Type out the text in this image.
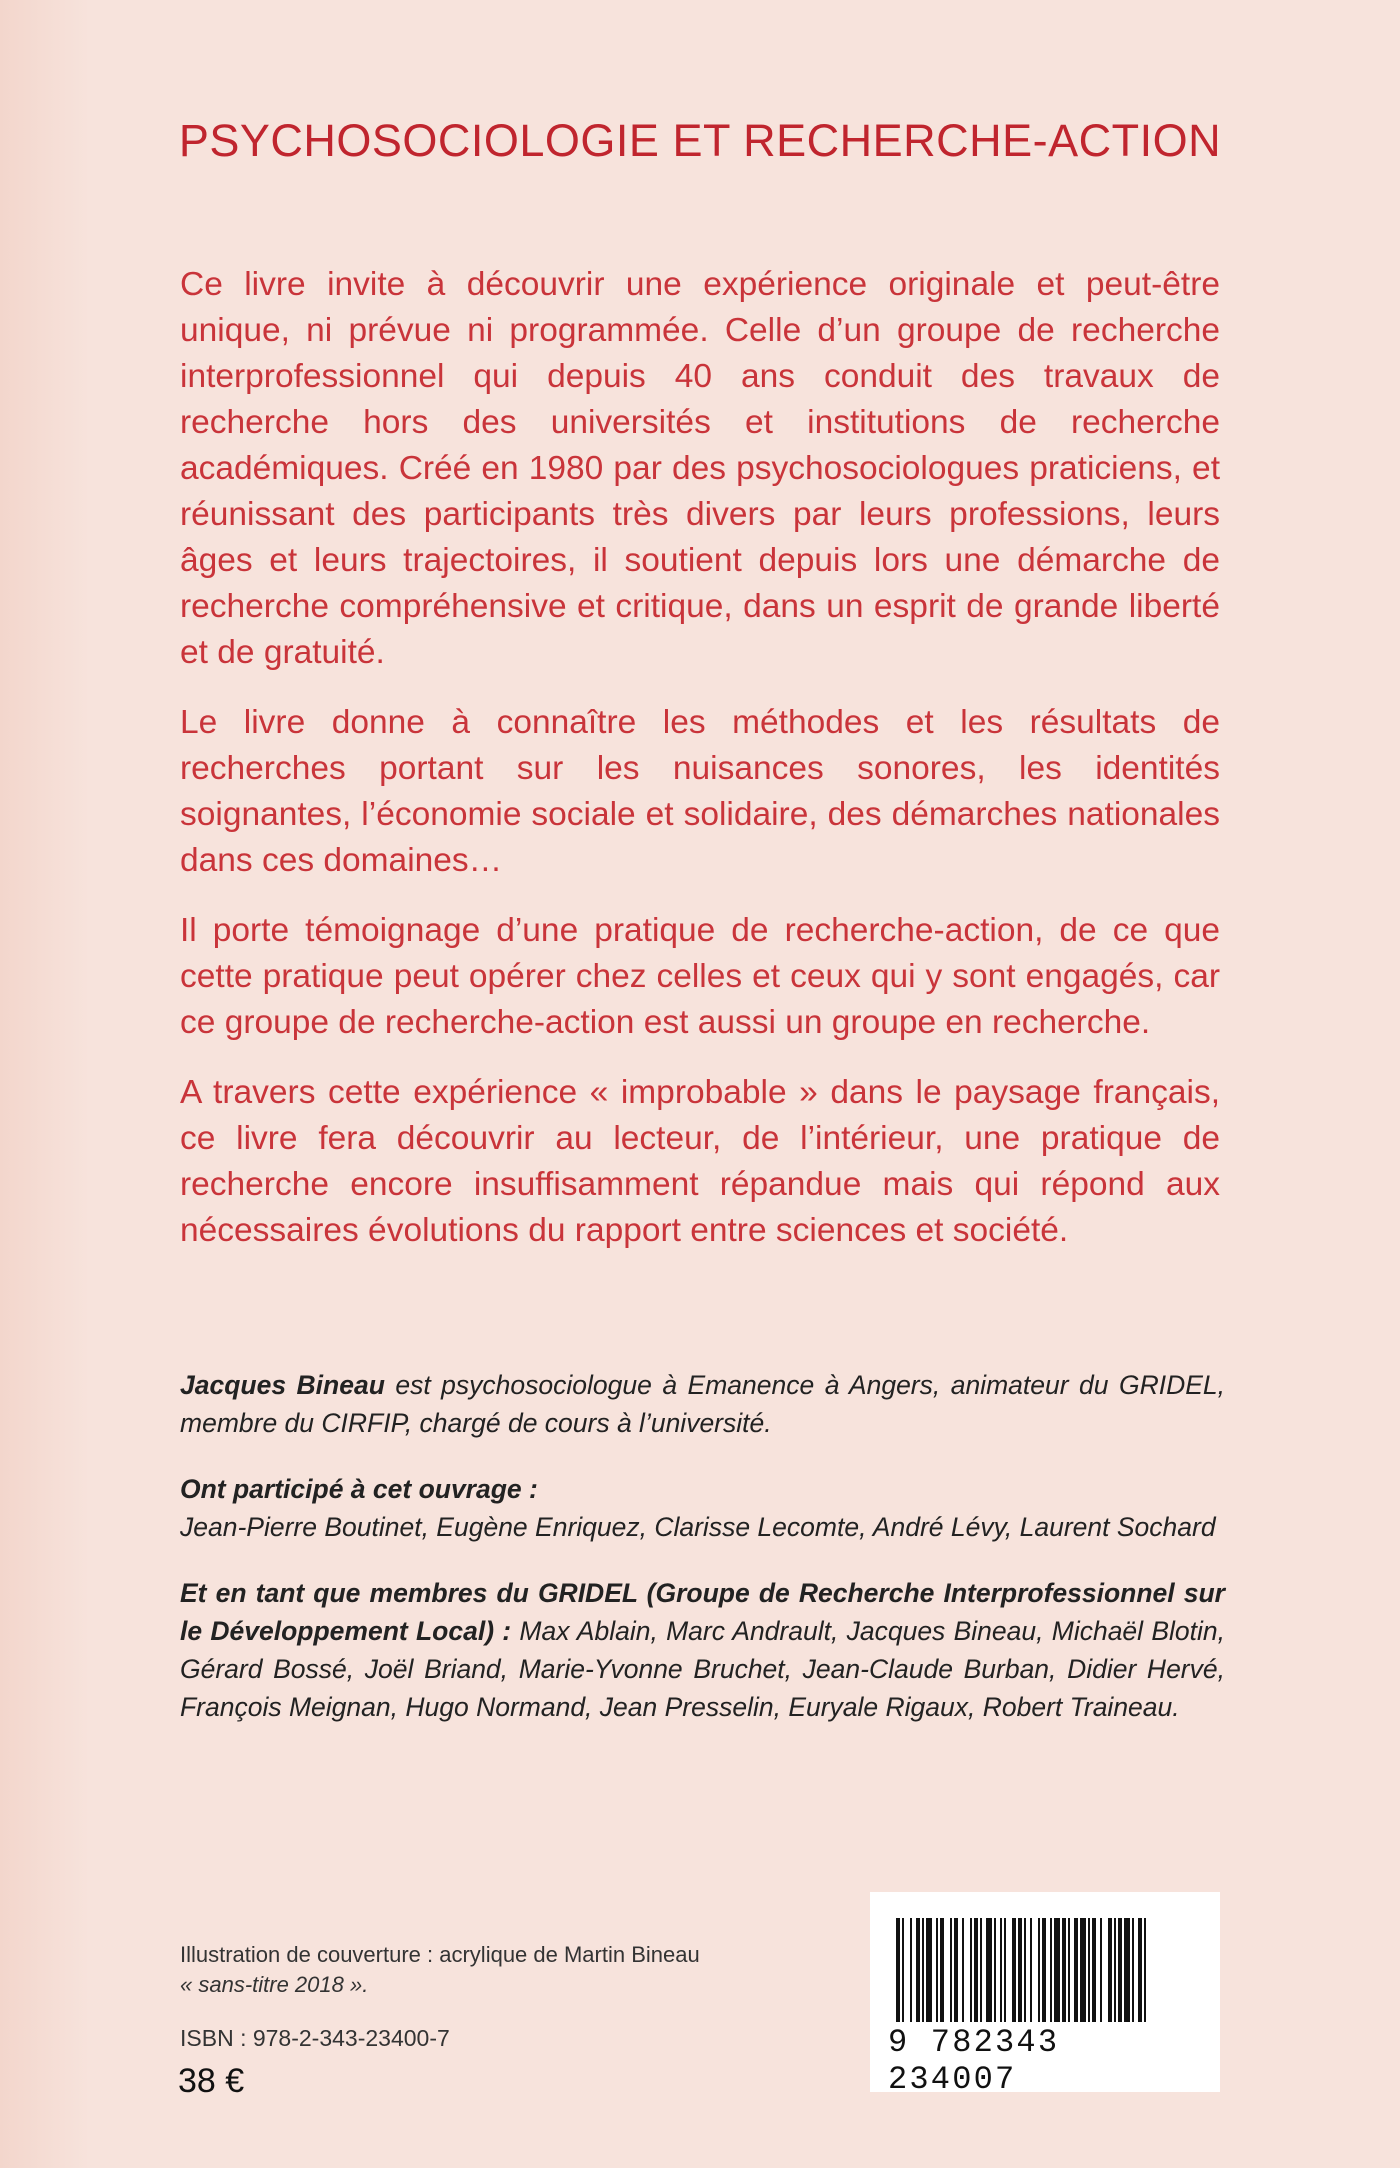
PSYCHOSOCIOLOGIE ET RECHERCHE-ACTION

Ce livre invite à découvrir une expérience originale et peut-être unique, ni prévue ni programmée. Celle d’un groupe de recherche interprofessionnel qui depuis 40 ans conduit des travaux de recherche hors des universités et institutions de recherche académiques. Créé en 1980 par des psychosociologues praticiens, et réunissant des participants très divers par leurs professions, leurs âges et leurs trajectoires, il soutient depuis lors une démarche de recherche compréhensive et critique, dans un esprit de grande liberté et de gratuité.

Le livre donne à connaître les méthodes et les résultats de recherches portant sur les nuisances sonores, les identités soignantes, l’économie sociale et solidaire, des démarches nationales dans ces domaines…

Il porte témoignage d’une pratique de recherche-action, de ce que cette pratique peut opérer chez celles et ceux qui y sont engagés, car ce groupe de recherche-action est aussi un groupe en recherche.

A travers cette expérience « improbable » dans le paysage français, ce livre fera découvrir au lecteur, de l’intérieur, une pratique de recherche encore insuffisamment répandue mais qui répond aux nécessaires évolutions du rapport entre sciences et société.

Jacques Bineau est psychosociologue à Emanence à Angers, animateur du GRIDEL, membre du CIRFIP, chargé de cours à l’université.

Ont participé à cet ouvrage :
Jean-Pierre Boutinet, Eugène Enriquez, Clarisse Lecomte, André Lévy, Laurent Sochard

Et en tant que membres du GRIDEL (Groupe de Recherche Interprofessionnel sur le Développement Local) : Max Ablain, Marc Andrault, Jacques Bineau, Michaël Blotin, Gérard Bossé, Joël Briand, Marie-Yvonne Bruchet, Jean-Claude Burban, Didier Hervé, François Meignan, Hugo Normand, Jean Presselin, Euryale Rigaux, Robert Traineau.

Illustration de couverture : acrylique de Martin Bineau
« sans-titre 2018 ».
ISBN : 978-2-343-23400-7
38 €
9 782343 234007
